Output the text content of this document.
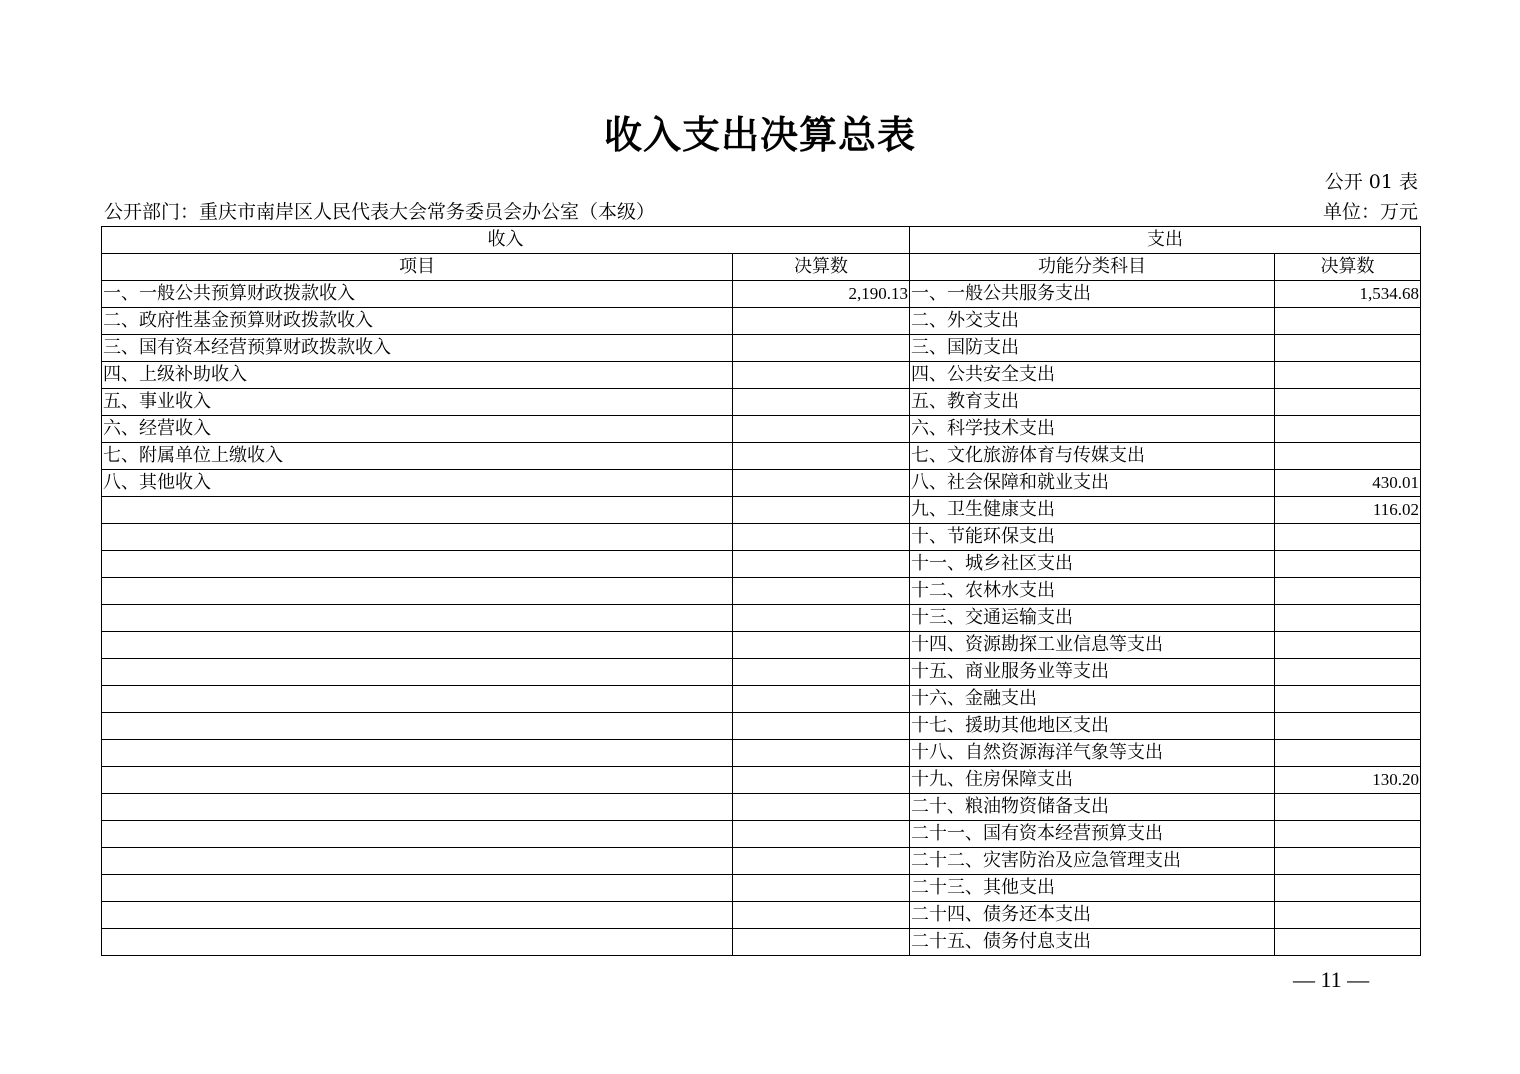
收入支出决算总表
公开 01 表
公开部门：重庆市南岸区人民代表大会常务委员会办公室（本级）	单位：万元
收入		支出	
项目	决算数	功能分类科目	决算数
一、一般公共预算财政拨款收入	2,190.13	一、一般公共服务支出	1,534.68
二、政府性基金预算财政拨款收入		二、外交支出	
三、国有资本经营预算财政拨款收入		三、国防支出	
四、上级补助收入		四、公共安全支出	
五、事业收入		五、教育支出	
六、经营收入		六、科学技术支出	
七、附属单位上缴收入		七、文化旅游体育与传媒支出	
八、其他收入		八、社会保障和就业支出	430.01
		九、卫生健康支出	116.02
		十、节能环保支出	
		十一、城乡社区支出	
		十二、农林水支出	
		十三、交通运输支出	
		十四、资源勘探工业信息等支出	
		十五、商业服务业等支出	
		十六、金融支出	
		十七、援助其他地区支出	
		十八、自然资源海洋气象等支出	
		十九、住房保障支出	130.20
		二十、粮油物资储备支出	
		二十一、国有资本经营预算支出	
		二十二、灾害防治及应急管理支出	
		二十三、其他支出	
		二十四、债务还本支出	
		二十五、债务付息支出	
— 11 —
